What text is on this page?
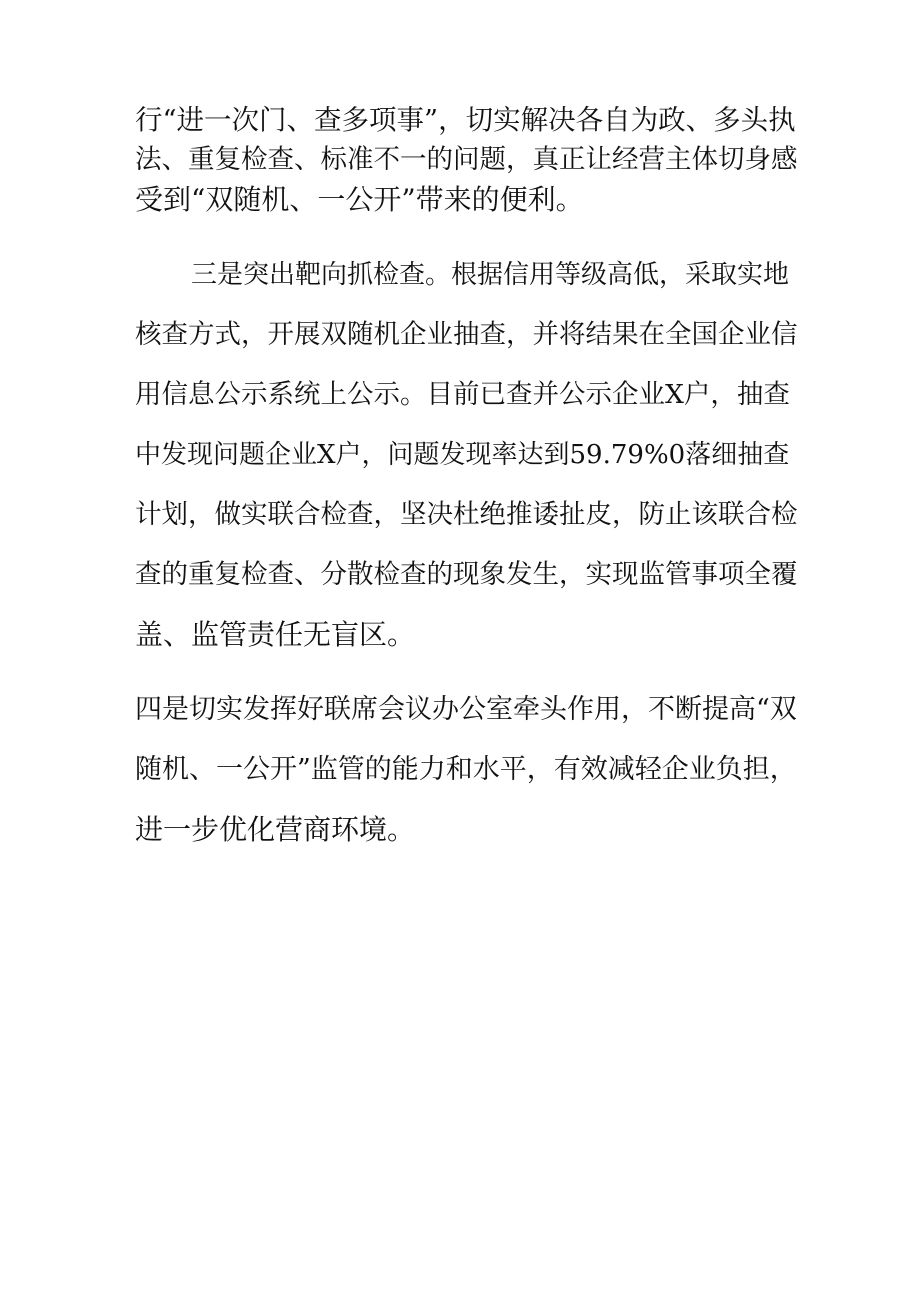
行“进一次门、查多项事”，切实解决各自为政、多头执
法、重复检查、标准不一的问题，真正让经营主体切身感
受到“双随机、一公开”带来的便利。

三是突出靶向抓检查。根据信用等级高低，采取实地
核查方式，开展双随机企业抽查，并将结果在全国企业信
用信息公示系统上公示。目前已查并公示企业X户，抽查
中发现问题企业X户，问题发现率达到59.79%0落细抽查
计划，做实联合检查，坚决杜绝推诿扯皮，防止该联合检
查的重复检查、分散检查的现象发生，实现监管事项全覆
盖、监管责任无盲区。

四是切实发挥好联席会议办公室牵头作用，不断提高“双
随机、一公开”监管的能力和水平，有效减轻企业负担，
进一步优化营商环境。
